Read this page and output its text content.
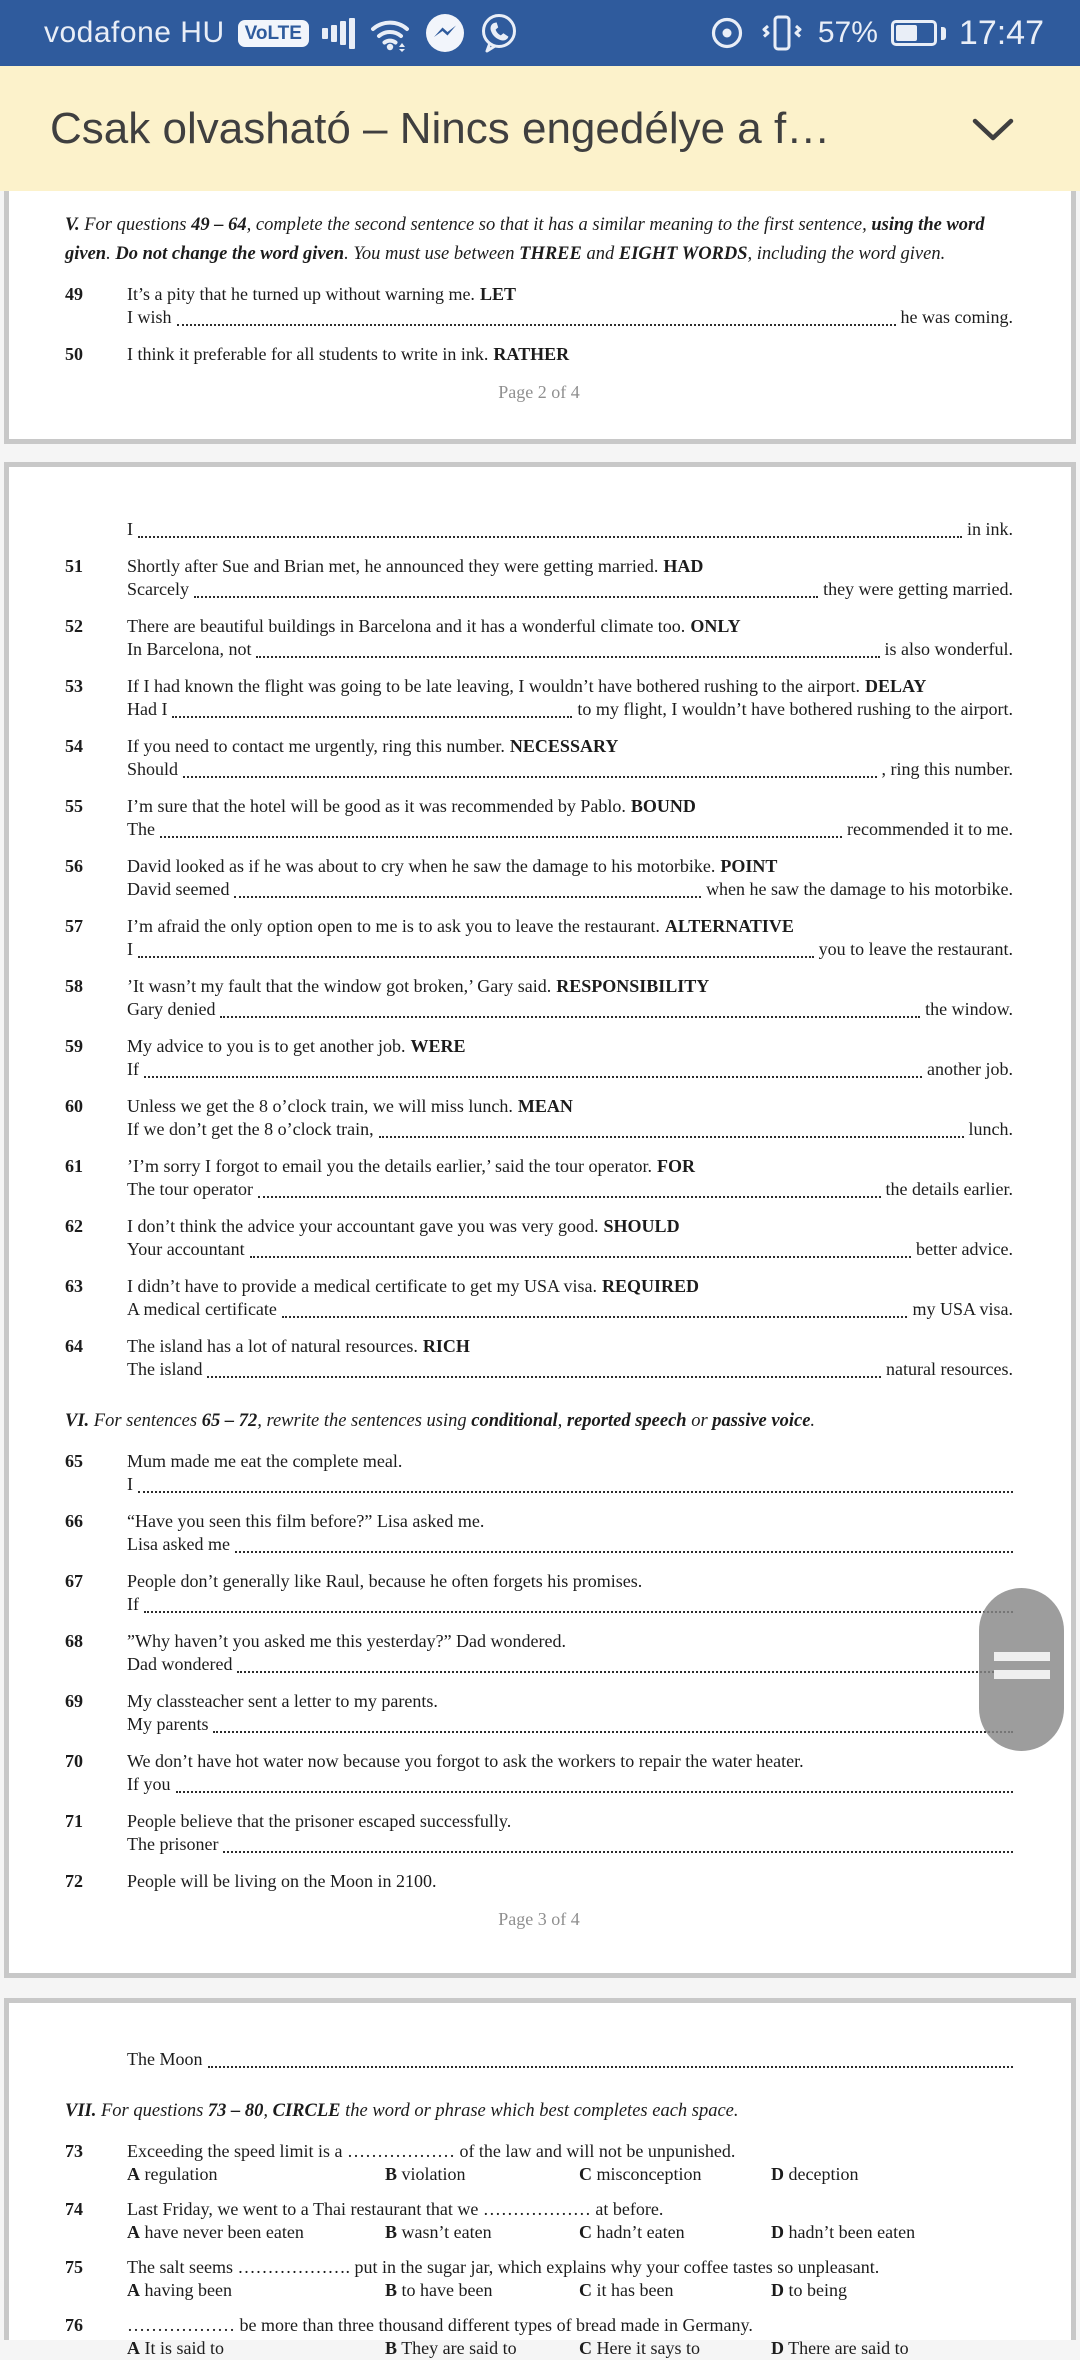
vodafone HU	VoLTE	57% 17:47
Csak olvasható – Nincs engedélye a f…
V. For questions 49 – 64, complete the second sentence so that it has a similar meaning to the first sentence, using the word given. Do not change the word given. You must use between THREE and EIGHT WORDS, including the word given.
49	It’s a pity that he turned up without warning me. LET
I wish	he was coming.
50	I think it preferable for all students to write in ink. RATHER
Page 2 of 4
I	in ink.
51	Shortly after Sue and Brian met, he announced they were getting married. HAD
Scarcely	they were getting married.
52	There are beautiful buildings in Barcelona and it has a wonderful climate too. ONLY
In Barcelona, not	is also wonderful.
53	If I had known the flight was going to be late leaving, I wouldn’t have bothered rushing to the airport. DELAY
Had I	to my flight, I wouldn’t have bothered rushing to the airport.
54	If you need to contact me urgently, ring this number. NECESSARY
Should	, ring this number.
55	I’m sure that the hotel will be good as it was recommended by Pablo. BOUND
The	recommended it to me.
56	David looked as if he was about to cry when he saw the damage to his motorbike. POINT
David seemed	when he saw the damage to his motorbike.
57	I’m afraid the only option open to me is to ask you to leave the restaurant. ALTERNATIVE
I	you to leave the restaurant.
58	’It wasn’t my fault that the window got broken,’ Gary said. RESPONSIBILITY
Gary denied	the window.
59	My advice to you is to get another job. WERE
If	another job.
60	Unless we get the 8 o’clock train, we will miss lunch. MEAN
If we don’t get the 8 o’clock train,	lunch.
61	’I’m sorry I forgot to email you the details earlier,’ said the tour operator. FOR
The tour operator	the details earlier.
62	I don’t think the advice your accountant gave you was very good. SHOULD
Your accountant	better advice.
63	I didn’t have to provide a medical certificate to get my USA visa. REQUIRED
A medical certificate	my USA visa.
64	The island has a lot of natural resources. RICH
The island	natural resources.
VI. For sentences 65 – 72, rewrite the sentences using conditional, reported speech or passive voice.
65	Mum made me eat the complete meal.
I
66	“Have you seen this film before?” Lisa asked me.
Lisa asked me
67	People don’t generally like Raul, because he often forgets his promises.
If
68	”Why haven’t you asked me this yesterday?” Dad wondered.
Dad wondered
69	My classteacher sent a letter to my parents.
My parents
70	We don’t have hot water now because you forgot to ask the workers to repair the water heater.
If you
71	People believe that the prisoner escaped successfully.
The prisoner
72	People will be living on the Moon in 2100.
Page 3 of 4
The Moon
VII. For questions 73 – 80, CIRCLE the word or phrase which best completes each space.
73	Exceeding the speed limit is a ……………… of the law and will not be unpunished.
A regulation	B violation	C misconception	D deception
74	Last Friday, we went to a Thai restaurant that we ……………… at before.
A have never been eaten	B wasn’t eaten	C hadn’t eaten	D hadn’t been eaten
75	The salt seems ………………. put in the sugar jar, which explains why your coffee tastes so unpleasant.
A having been	B to have been	C it has been	D to being
76	……………… be more than three thousand different types of bread made in Germany.
A It is said to	B They are said to	C Here it says to	D There are said to
